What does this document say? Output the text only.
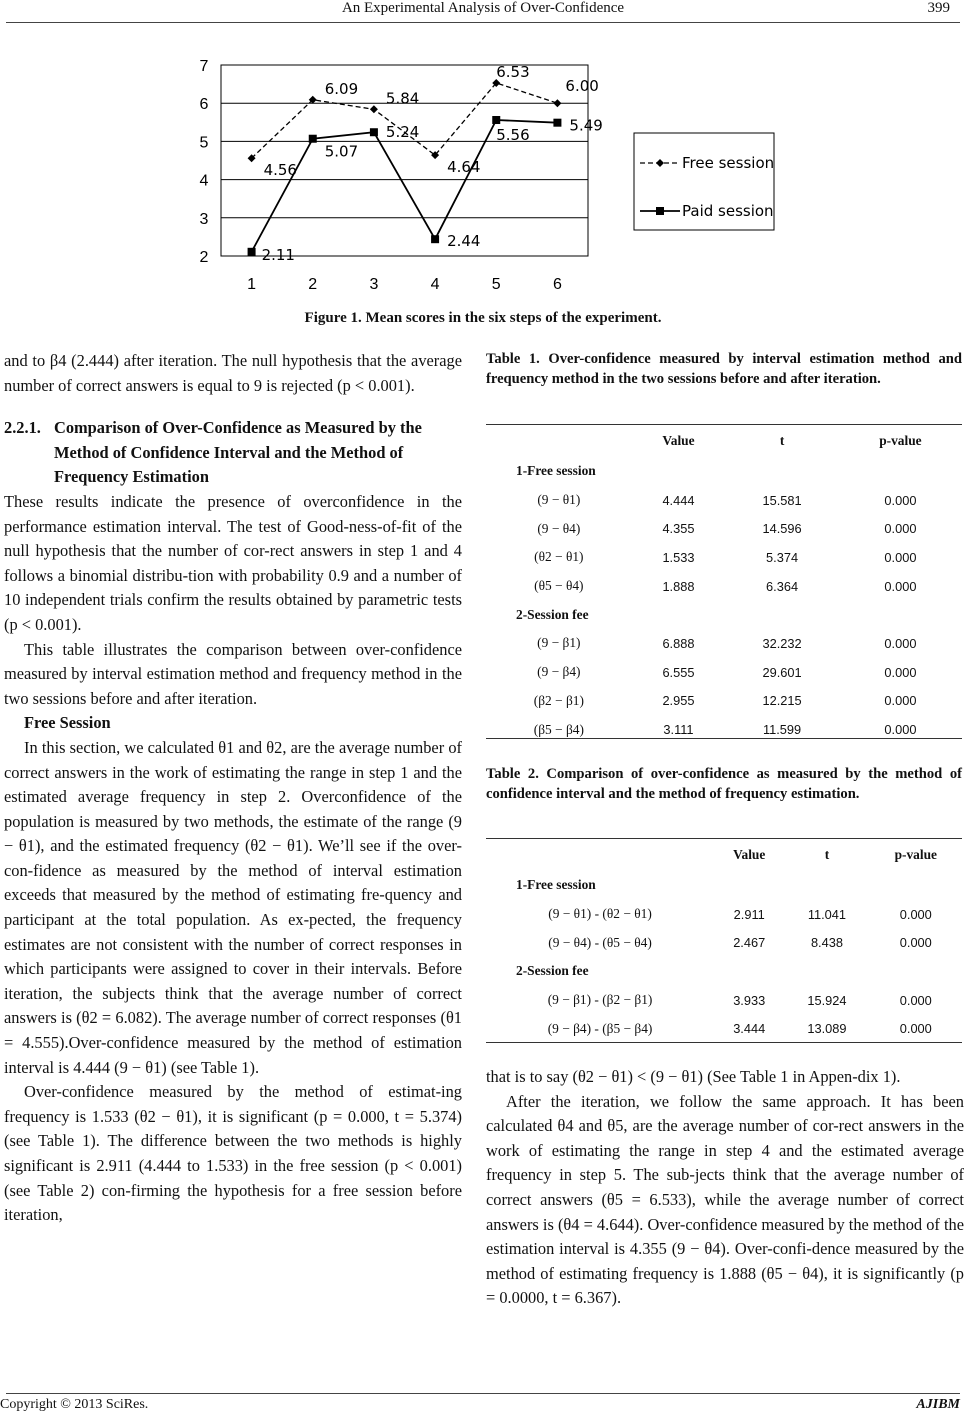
An Experimental Analysis of Over-Confidence	399
2
3
4
5
6
7
1	2	3	4	5	6
4.56
6.09
5.84
4.64
6.53
6.00
2.11
5.07
5.24
2.44
5.56
5.49
Free session
Paid session
Figure 1. Mean scores in the six steps of the experiment.

and to β4 (2.444) after iteration. The null hypothesis that the average number of correct answers is equal to 9 is rejected (p < 0.001).

2.2.1. Comparison of Over-Confidence as Measured by the Method of Confidence Interval and the Method of Frequency Estimation

These results indicate the presence of overconfidence in the performance estimation interval. The test of Good-ness-of-fit of the null hypothesis that the number of cor-rect answers in step 1 and 4 follows a binomial distribu-tion with probability 0.9 and a number of 10 independent trials confirm the results obtained by parametric tests (p < 0.001).

This table illustrates the comparison between over-confidence measured by interval estimation method and frequency method in the two sessions before and after iteration.

Free Session

In this section, we calculated θ1 and θ2, are the average number of correct answers in the work of estimating the range in step 1 and the estimated average frequency in step 2. Overconfidence of the population is measured by two methods, the estimate of the range (9 − θ1), and the estimated frequency (θ2 − θ1). We’ll see if the over-con-fidence as measured by the method of interval estimation exceeds that measured by the method of estimating fre-quency and participant at the total population. As ex-pected, the frequency estimates are not consistent with the number of correct responses in which participants were assigned to cover in their intervals. Before iteration, the subjects think that the average number of correct answers is (θ2 = 6.082). The average number of correct responses (θ1 = 4.555).Over-confidence measured by the method of estimation interval is 4.444 (9 − θ1) (see Table 1).

Over-confidence measured by the method of estimat-ing frequency is 1.533 (θ2 − θ1), it is significant (p = 0.000, t = 5.374) (see Table 1). The difference between the two methods is highly significant is 2.911 (4.444 to 1.533) in the free session (p < 0.001) (see Table 2) con-firming the hypothesis for a free session before iteration,

Table 1. Over-confidence measured by interval estimation method and frequency method in the two sessions before and after iteration.
	Value	t	p-value
1-Free session			
(9 − θ1)	4.444	15.581	0.000
(9 − θ4)	4.355	14.596	0.000
(θ2 − θ1)	1.533	5.374	0.000
(θ5 − θ4)	1.888	6.364	0.000
2-Session fee			
(9 − β1)	6.888	32.232	0.000
(9 − β4)	6.555	29.601	0.000
(β2 − β1)	2.955	12.215	0.000
(β5 − β4)	3.111	11.599	0.000
Table 2. Comparison of over-confidence as measured by the method of confidence interval and the method of frequency estimation.
	Value	t	p-value
1-Free session			
(9 − θ1) - (θ2 − θ1)	2.911	11.041	0.000
(9 − θ4) - (θ5 − θ4)	2.467	8.438	0.000
2-Session fee			
(9 − β1) - (β2 − β1)	3.933	15.924	0.000
(9 − β4) - (β5 − β4)	3.444	13.089	0.000

that is to say (θ2 − θ1) < (9 − θ1) (See Table 1 in Appen-dix 1).

After the iteration, we follow the same approach. It has been calculated θ4 and θ5, are the average number of cor-rect answers in the work of estimating the range in step 4 and the estimated average frequency in step 5. The sub-jects think that the average number of correct answers (θ5 = 6.533), while the average number of correct answers is (θ4 = 4.644). Over-confidence measured by the method of the estimation interval is 4.355 (9 − θ4). Over-confi-dence measured by the method of estimating frequency is 1.888 (θ5 − θ4), it is significantly (p = 0.0000, t = 6.367).

Copyright © 2013 SciRes.	AJIBM
